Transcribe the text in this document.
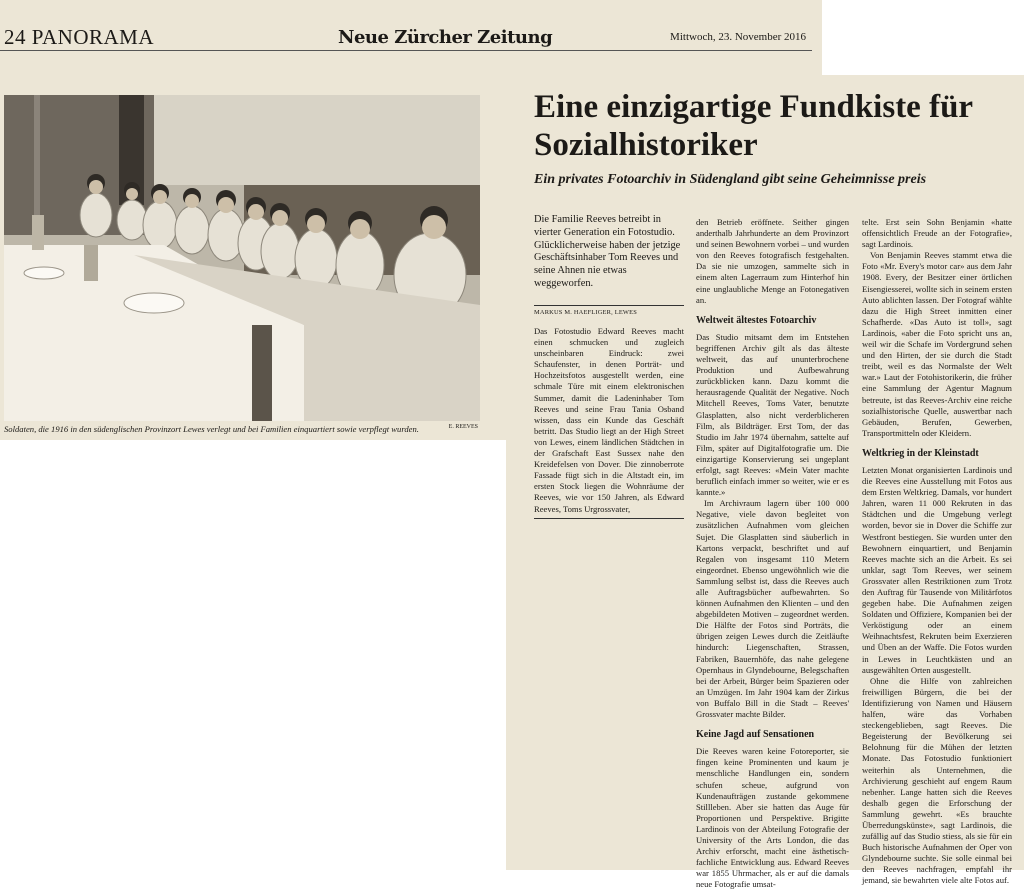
24 PANORAMA	Neue Zürcher Zeitung	Mittwoch, 23. November 2016
Soldaten, die 1916 in den südenglischen Provinzort Lewes verlegt und bei Familien einquartiert sowie verpflegt wurden.	E. REEVES
Eine einzigartige Fundkiste für Sozialhistoriker
Ein privates Fotoarchiv in Südengland gibt seine Geheimnisse preis
Die Familie Reeves betreibt in vierter Generation ein Fotostudio. Glücklicherweise haben der jetzige Geschäftsinhaber Tom Reeves und seine Ahnen nie etwas weggeworfen.
MARKUS M. HAEFLIGER, LEWES

Das Fotostudio Edward Reeves macht einen schmucken und zugleich unscheinbaren Eindruck: zwei Schaufenster, in denen Porträt- und Hochzeitsfotos ausgestellt werden, eine schmale Türe mit einem elektronischen Summer, damit die Ladeninhaber Tom Reeves und seine Frau Tania Osband wissen, dass ein Kunde das Geschäft betritt. Das Studio liegt an der High Street von Lewes, einem ländlichen Städtchen in der Grafschaft East Sussex nahe den Kreidefelsen von Dover. Die zinnoberrote Fassade fügt sich in die Altstadt ein, im ersten Stock liegen die Wohnräume der Reeves, wie vor 150 Jahren, als Edward Reeves, Toms Urgrossvater,

den Betrieb eröffnete. Seither gingen anderthalb Jahrhunderte an dem Provinzort und seinen Bewohnern vorbei – und wurden von den Reeves fotografisch festgehalten. Da sie nie umzogen, sammelte sich in einem alten Lagerraum zum Hinterhof hin eine unglaubliche Menge an Fotonegativen an.

Weltweit ältestes Fotoarchiv

Das Studio mitsamt dem im Entstehen begriffenen Archiv gilt als das älteste weltweit, das auf ununterbrochene Produktion und Aufbewahrung zurückblicken kann. Dazu kommt die herausragende Qualität der Negative. Noch Mitchell Reeves, Toms Vater, benutzte Glasplatten, also nicht verderblicheren Film, als Bildträger. Erst Tom, der das Studio im Jahr 1974 übernahm, sattelte auf Film, später auf Digitalfotografie um. Die einzigartige Konservierung sei ungeplant erfolgt, sagt Reeves: «Mein Vater machte beruflich einfach immer so weiter, wie er es kannte.»

Im Archivraum lagern über 100 000 Negative, viele davon begleitet von zusätzlichen Aufnahmen vom gleichen Sujet. Die Glasplatten sind säuberlich in Kartons verpackt, beschriftet und auf Regalen von insgesamt 110 Metern eingeordnet. Ebenso ungewöhnlich wie die Sammlung selbst ist, dass die Reeves auch alle Auftragsbücher aufbewahrten. So können Aufnahmen den Klienten – und den abgebildeten Motiven – zugeordnet werden. Die Hälfte der Fotos sind Porträts, die übrigen zeigen Lewes durch die Zeitläufte hindurch: Liegenschaften, Strassen, Fabriken, Bauernhöfe, das nahe gelegene Opernhaus in Glyndebourne, Belegschaften bei der Arbeit, Bürger beim Spazieren oder an Umzügen. Im Jahr 1904 kam der Zirkus von Buffalo Bill in die Stadt – Reeves' Grossvater machte Bilder.

Keine Jagd auf Sensationen

Die Reeves waren keine Fotoreporter, sie fingen keine Prominenten und kaum je menschliche Handlungen ein, sondern schufen scheue, aufgrund von Kundenaufträgen zustande gekommene Stillleben. Aber sie hatten das Auge für Proportionen und Perspektive. Brigitte Lardinois von der Abteilung Fotografie der University of the Arts London, die das Archiv erforscht, macht eine ästhetisch-fachliche Entwicklung aus. Edward Reeves war 1855 Uhrmacher, als er auf die damals neue Fotografie umsat-

telte. Erst sein Sohn Benjamin «hatte offensichtlich Freude an der Fotografie», sagt Lardinois.

Von Benjamin Reeves stammt etwa die Foto «Mr. Every's motor car» aus dem Jahr 1908. Every, der Besitzer einer örtlichen Eisengiesserei, wollte sich in seinem ersten Auto ablichten lassen. Der Fotograf wählte dazu die High Street inmitten einer Schafherde. «Das Auto ist toll», sagt Lardinois, «aber die Foto spricht uns an, weil wir die Schafe im Vordergrund sehen und den Hirten, der sie durch die Stadt treibt, weil es das Normalste der Welt war.» Laut der Fotohistorikerin, die früher eine Sammlung der Agentur Magnum betreute, ist das Reeves-Archiv eine reiche sozialhistorische Quelle, auswertbar nach Gebäuden, Berufen, Gewerben, Transportmitteln oder Kleidern.

Weltkrieg in der Kleinstadt

Letzten Monat organisierten Lardinois und die Reeves eine Ausstellung mit Fotos aus dem Ersten Weltkrieg. Damals, vor hundert Jahren, waren 11 000 Rekruten in das Städtchen und die Umgebung verlegt worden, bevor sie in Dover die Schiffe zur Westfront bestiegen. Sie wurden unter den Bewohnern einquartiert, und Benjamin Reeves machte sich an die Arbeit. Es sei unklar, sagt Tom Reeves, wer seinem Grossvater allen Restriktionen zum Trotz den Auftrag für Tausende von Militärfotos gegeben habe. Die Aufnahmen zeigen Soldaten und Offiziere, Kompanien bei der Verköstigung oder an einem Weihnachtsfest, Rekruten beim Exerzieren und Üben an der Waffe. Die Fotos wurden in Lewes in Leuchtkästen und an ausgewählten Orten ausgestellt.

Ohne die Hilfe von zahlreichen freiwilligen Bürgern, die bei der Identifizierung von Namen und Häusern halfen, wäre das Vorhaben steckengeblieben, sagt Reeves. Die Begeisterung der Bevölkerung sei Belohnung für die Mühen der letzten Monate. Das Fotostudio funktioniert weiterhin als Unternehmen, die Archivierung geschieht auf engem Raum nebenher. Lange hatten sich die Reeves deshalb gegen die Erforschung der Sammlung gewehrt. «Es brauchte Überredungskünste», sagt Lardinois, die zufällig auf das Studio stiess, als sie für ein Buch historische Aufnahmen der Oper von Glyndebourne suchte. Sie solle einmal bei den Reeves nachfragen, empfahl ihr jemand, sie bewahrten viele alte Fotos auf.
